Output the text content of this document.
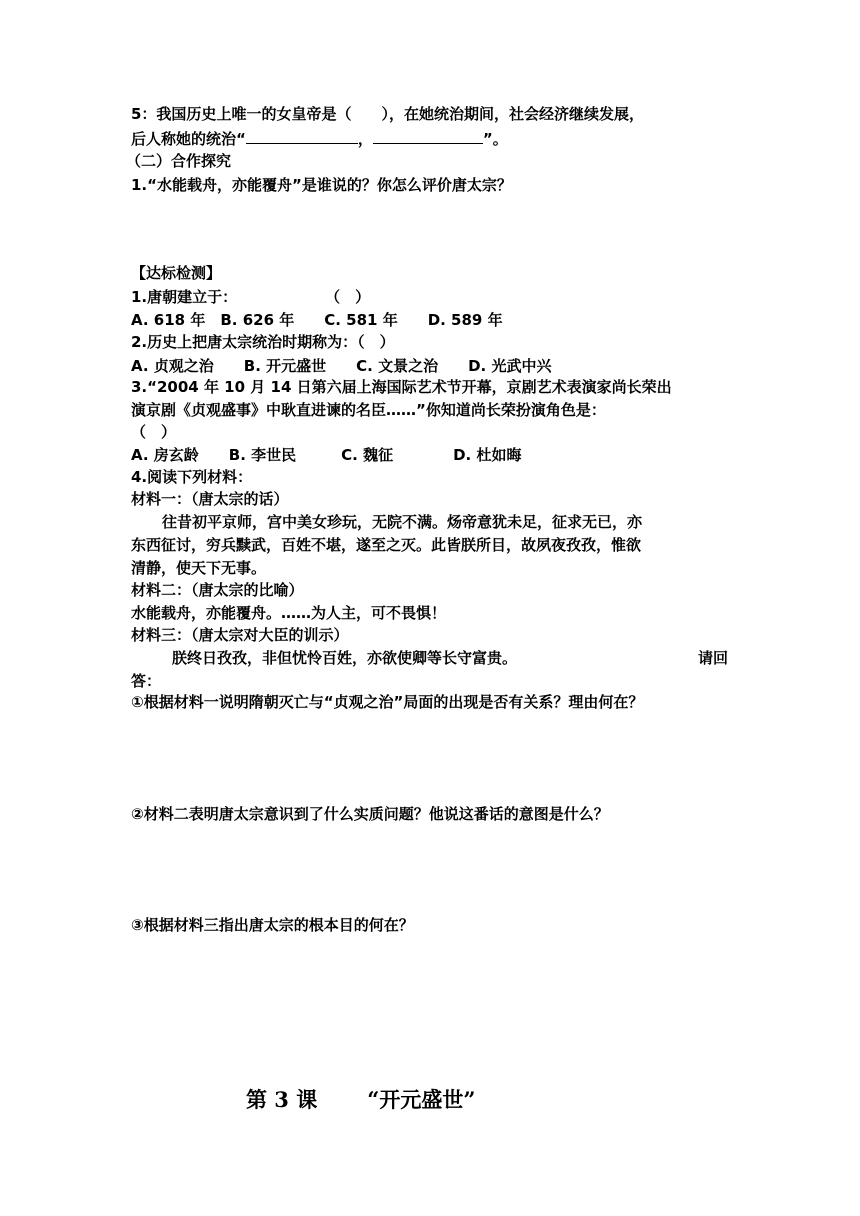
5：我国历史上唯一的女皇帝是（　　），在她统治期间，社会经济继续发展，
后人称她的统治“	，	”。
（二）合作探究
1.“水能载舟，亦能覆舟”是谁说的？你怎么评价唐太宗？
【达标检测】
1.唐朝建立于：	（　）
A. 618 年　B. 626 年　　C. 581 年　　D. 589 年
2.历史上把唐太宗统治时期称为：（　）
A. 贞观之治　　B. 开元盛世　　C. 文景之治　　D. 光武中兴
3.“2004 年 10 月 14 日第六届上海国际艺术节开幕，京剧艺术表演家尚长荣出
演京剧《贞观盛事》中耿直进谏的名臣……”你知道尚长荣扮演角色是：
（　）
A. 房玄龄　　B. 李世民　　　C. 魏征　　　　D. 杜如晦
4.阅读下列材料：
材料一：（唐太宗的话）
往昔初平京师，宫中美女珍玩，无院不满。炀帝意犹未足，征求无已，亦
东西征讨，穷兵黩武，百姓不堪，遂至之灭。此皆朕所目，故夙夜孜孜，惟欲
清静，使天下无事。
材料二：（唐太宗的比喻）
水能载舟，亦能覆舟。……为人主，可不畏惧！
材料三：（唐太宗对大臣的训示）
朕终日孜孜，非但忧怜百姓，亦欲使卿等长守富贵。	请回
答：
①根据材料一说明隋朝灭亡与“贞观之治”局面的出现是否有关系？理由何在？
②材料二表明唐太宗意识到了什么实质问题？他说这番话的意图是什么？
③根据材料三指出唐太宗的根本目的何在？
第 3 课 “开元盛世”
